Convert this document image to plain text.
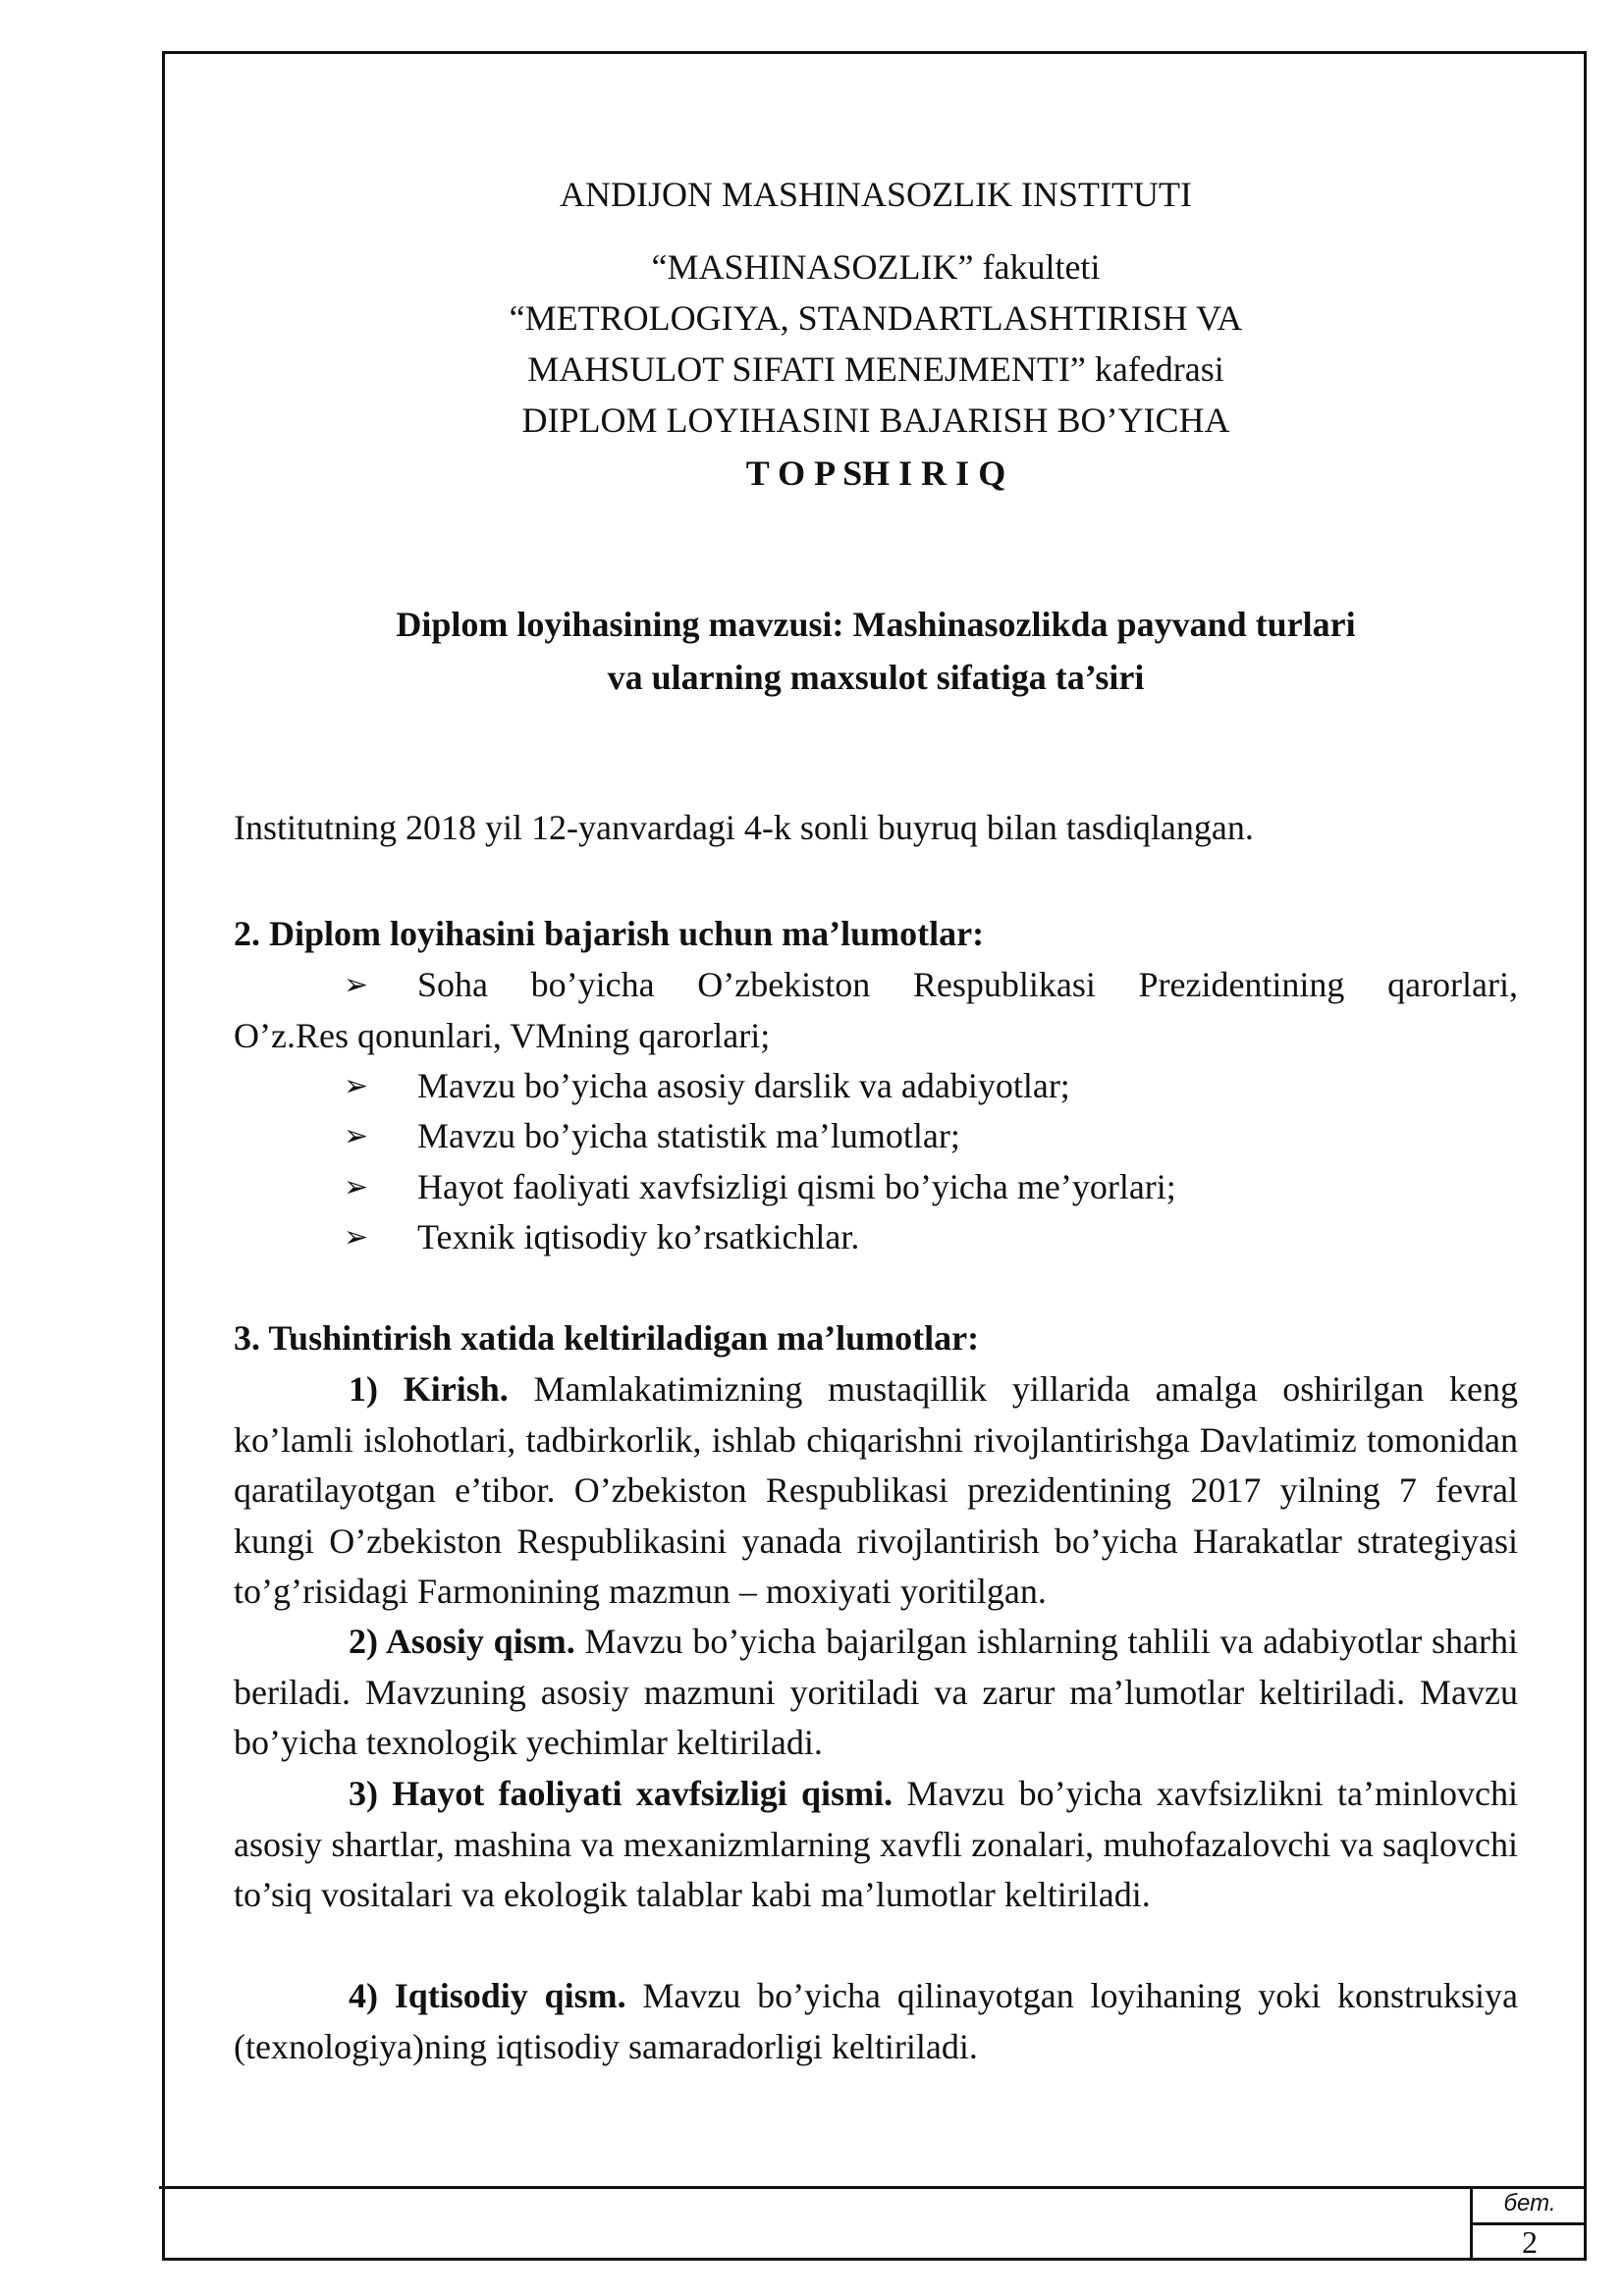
бет.
2
ANDIJON MASHINASOZLIK INSTITUTI
“MASHINASOZLIK” fakulteti
“METROLOGIYA, STANDARTLASHTIRISH VA
MAHSULOT SIFATI MENEJMENTI” kafedrasi
DIPLOM LOYIHASINI BAJARISH BO’YICHA
T O P SH I R I Q
Diplom loyihasining mavzusi: Mashinasozlikda payvand turlari
va ularning maxsulot sifatiga ta’siri
Institutning 2018 yil 12-yanvardagi 4-k sonli buyruq bilan tasdiqlangan.
2. Diplom loyihasini bajarish uchun ma’lumotlar:
➢	Soha bo’yicha O’zbekiston Respublikasi Prezidentining qarorlari,
O’z.Res qonunlari, VMning qarorlari;
➢	Mavzu bo’yicha asosiy darslik va adabiyotlar;
➢	Mavzu bo’yicha statistik ma’lumotlar;
➢	Hayot faoliyati xavfsizligi qismi bo’yicha me’yorlari;
➢	Texnik iqtisodiy ko’rsatkichlar.
3. Tushintirish xatida keltiriladigan ma’lumotlar:
1) Kirish. Mamlakatimizning mustaqillik yillarida amalga oshirilgan keng ko’lamli islohotlari, tadbirkorlik, ishlab chiqarishni rivojlantirishga Davlatimiz tomonidan qaratilayotgan e’tibor. O’zbekiston Respublikasi prezidentining 2017 yilning 7 fevral kungi O’zbekiston Respublikasini yanada rivojlantirish bo’yicha Harakatlar strategiyasi to’g’risidagi Farmonining mazmun – moxiyati yoritilgan.
2) Asosiy qism. Mavzu bo’yicha bajarilgan ishlarning tahlili va adabiyotlar sharhi beriladi. Mavzuning asosiy mazmuni yoritiladi va zarur ma’lumotlar keltiriladi. Mavzu bo’yicha texnologik yechimlar keltiriladi.
3) Hayot faoliyati xavfsizligi qismi. Mavzu bo’yicha xavfsizlikni ta’minlovchi asosiy shartlar, mashina va mexanizmlarning xavfli zonalari, muhofazalovchi va saqlovchi to’siq vositalari va ekologik talablar kabi ma’lumotlar keltiriladi.
4) Iqtisodiy qism. Mavzu bo’yicha qilinayotgan loyihaning yoki konstruksiya (texnologiya)ning iqtisodiy samaradorligi keltiriladi.
